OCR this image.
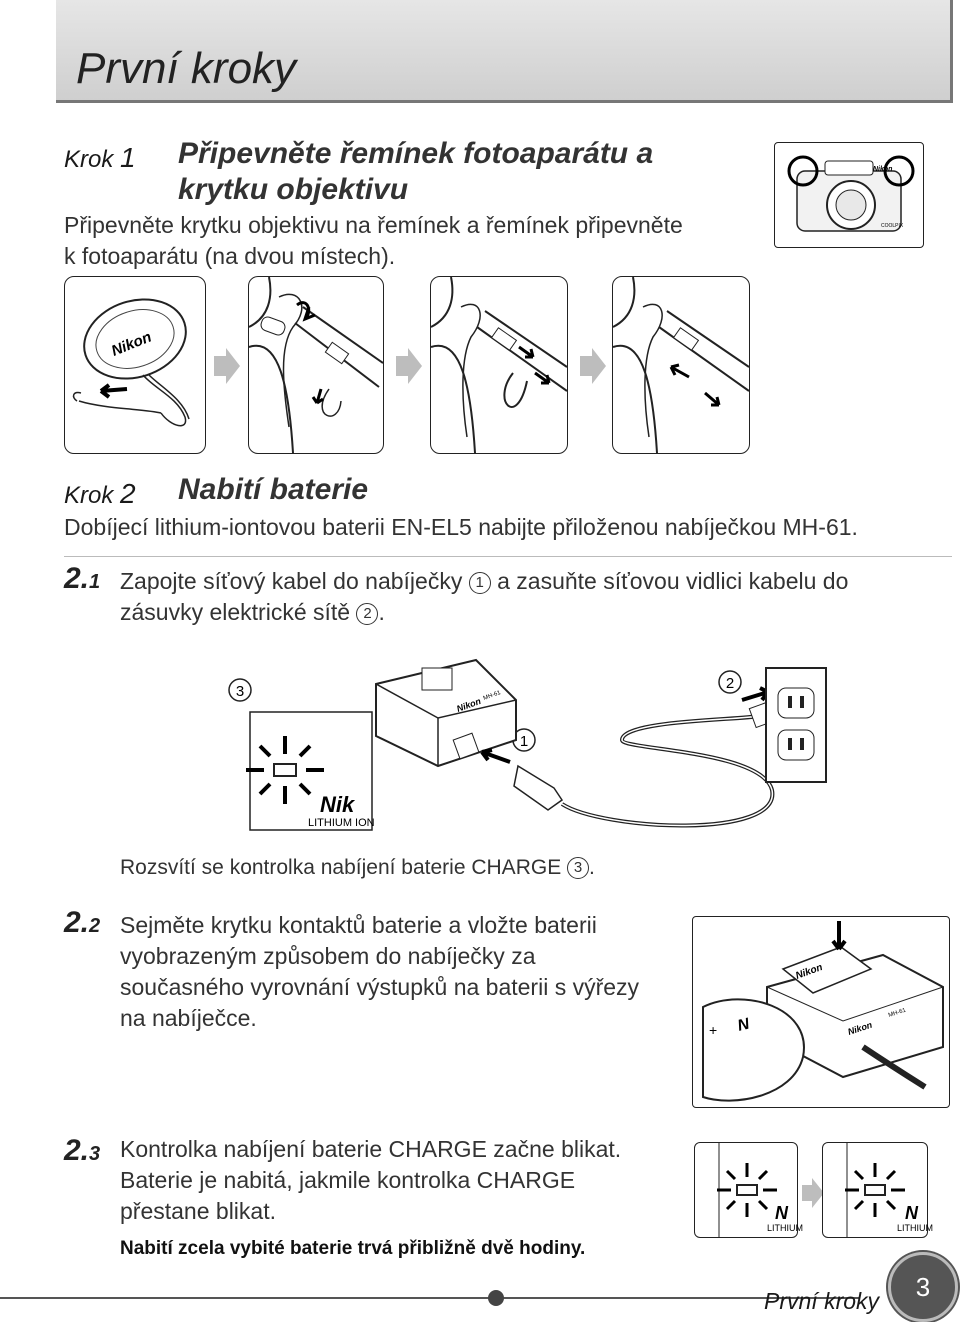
První kroky
Krok 1 Připevněte řemínek fotoaparátu a
krytku objektivu
Připevněte krytku objektivu na řemínek a řemínek připevněte
k fotoaparátu (na dvou místech).
Nikon
COOLPIX
Nikon
Krok 2 Nabití baterie
Dobíjecí lithium-iontovou baterii EN-EL5 nabijte přiloženou nabíječkou MH-61.
2.1 Zapojte síťový kabel do nabíječky 1 a zasuňte síťovou vidlici kabelu do
zásuvky elektrické sítě 2 .
3	2
1
Nikon MH-61
Nik
LITHIUM ION
Rozsvítí se kontrolka nabíjení baterie CHARGE 3 .
2.2 Sejměte krytku kontaktů baterie a vložte baterii
vyobrazeným způsobem do nabíječky za
současného vyrovnání výstupků na baterii s výřezy
na nabíječce.
Nikon
Nikon
MH-61
N
+
2.3 Kontrolka nabíjení baterie CHARGE začne blikat.
Baterie je nabitá, jakmile kontrolka CHARGE
přestane blikat.
Nabití zcela vybité baterie trvá přibližně dvě hodiny.
N
LITHIUM
N
LITHIUM
První kroky	3
